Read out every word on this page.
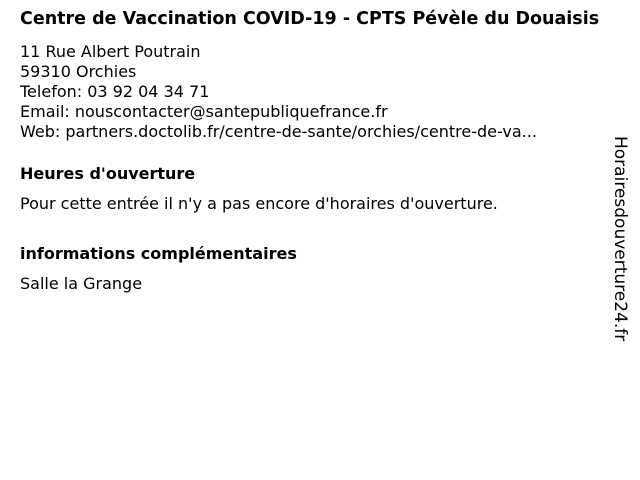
Centre de Vaccination COVID-19 - CPTS Pévèle du Douaisis
11 Rue Albert Poutrain
59310 Orchies
Telefon: 03 92 04 34 71
Email: nouscontacter@santepubliquefrance.fr
Web: partners.doctolib.fr/centre-de-sante/orchies/centre-de-va...
Heures d'ouverture
Pour cette entrée il n'y a pas encore d'horaires d'ouverture.
informations complémentaires
Salle la Grange	Horairesdouverture24.fr
